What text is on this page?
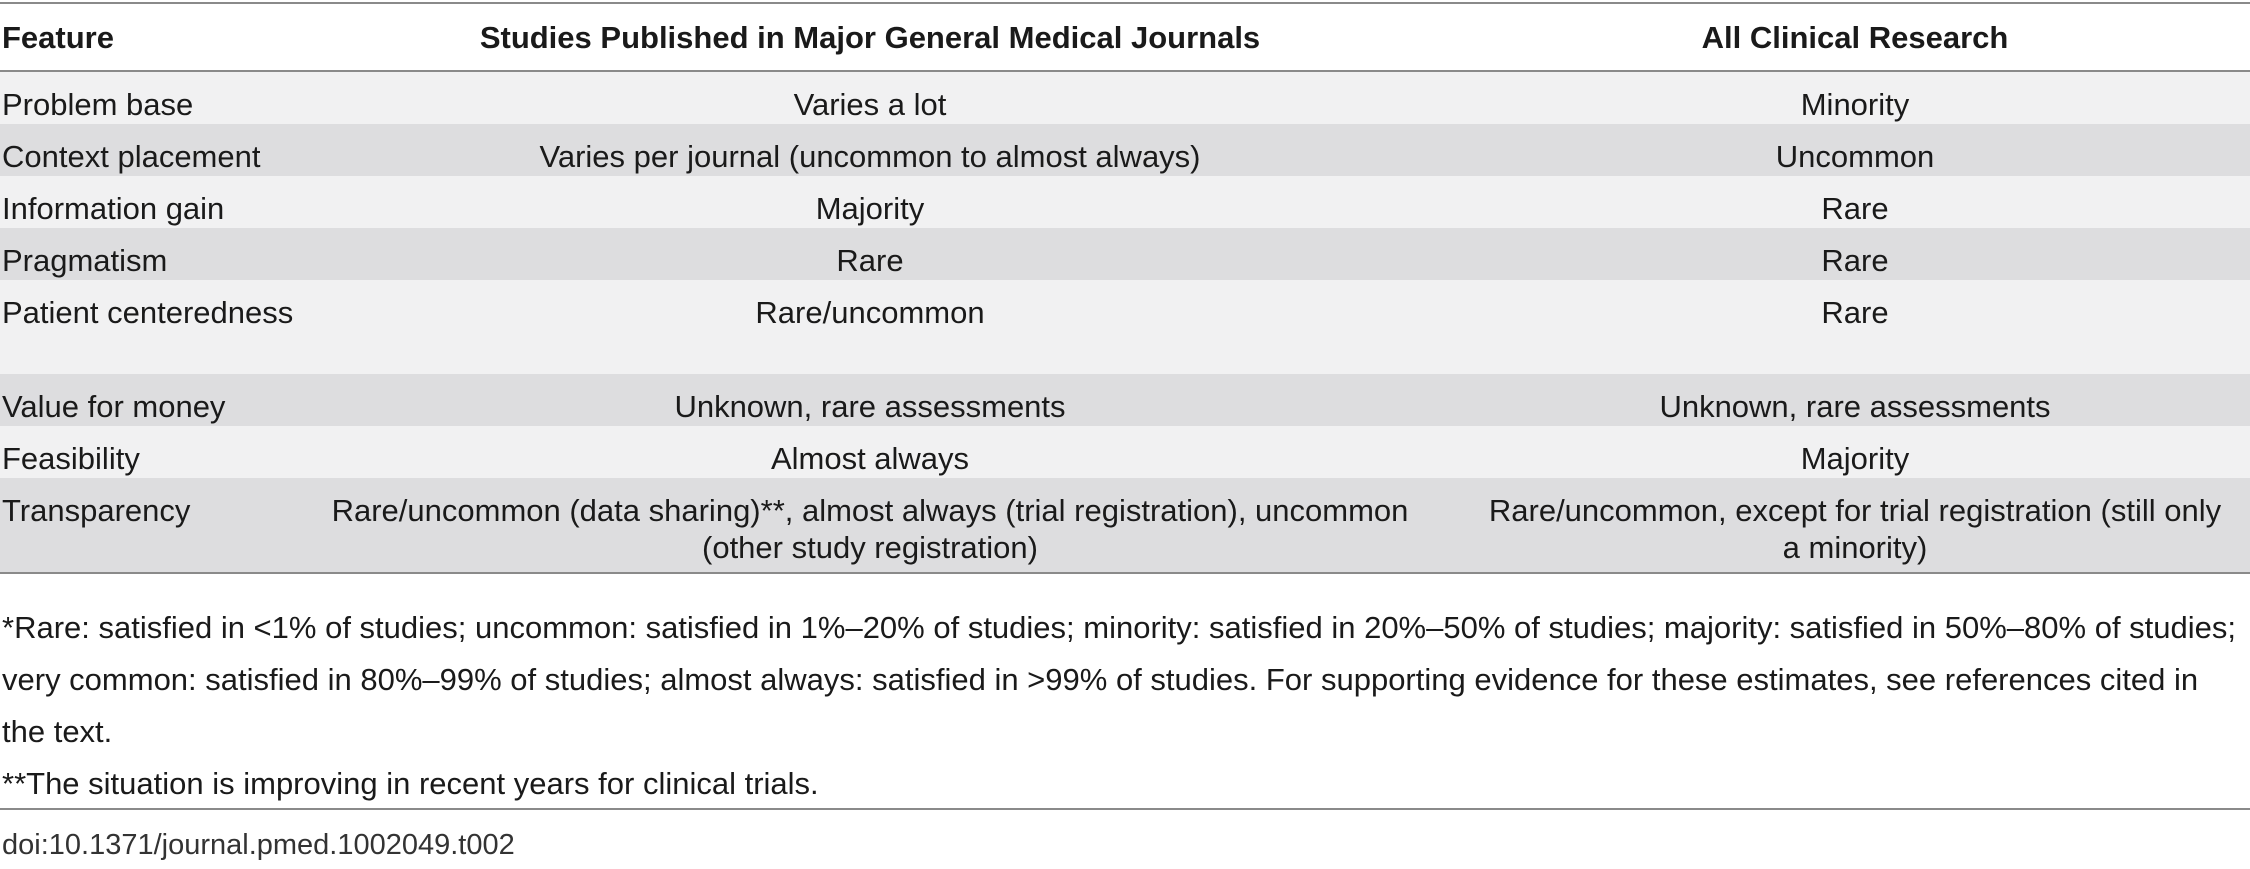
Feature	Studies Published in Major General Medical Journals	All Clinical Research
Problem base	Varies a lot	Minority
Context placement	Varies per journal (uncommon to almost always)	Uncommon
Information gain	Majority	Rare
Pragmatism	Rare	Rare
Patient centeredness	Rare/uncommon	Rare
Value for money	Unknown, rare assessments	Unknown, rare assessments
Feasibility	Almost always	Majority
Transparency	Rare/uncommon (data sharing)**, almost always (trial registration), uncommon (other study registration)	Rare/uncommon, except for trial registration (still only a minority)

*Rare: satisfied in <1% of studies; uncommon: satisfied in 1%–20% of studies; minority: satisfied in 20%–50% of studies; majority: satisfied in 50%–80% of studies; very common: satisfied in 80%–99% of studies; almost always: satisfied in >99% of studies. For supporting evidence for these estimates, see references cited in the text.

**The situation is improving in recent years for clinical trials.

doi:10.1371/journal.pmed.1002049.t002
